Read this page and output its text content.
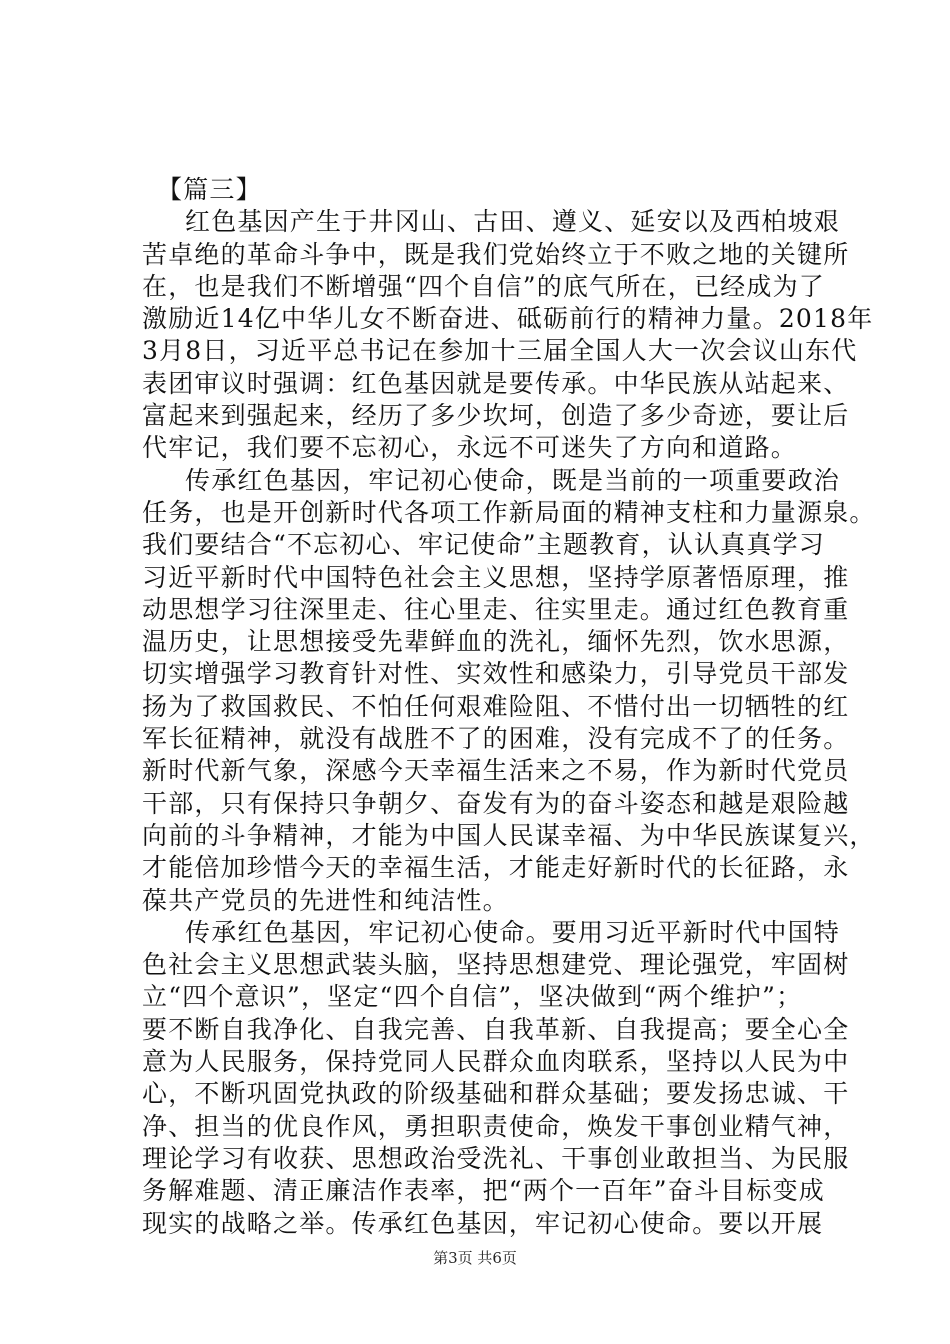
【篇三】
红色基因产生于井冈山、古田、遵义、延安以及西柏坡艰
苦卓绝的革命斗争中，既是我们党始终立于不败之地的关键所
在，也是我们不断增强“四个自信”的底气所在，已经成为了
激励近14亿中华儿女不断奋进、砥砺前行的精神力量。2018年
3月8日，习近平总书记在参加十三届全国人大一次会议山东代
表团审议时强调：红色基因就是要传承。中华民族从站起来、
富起来到强起来，经历了多少坎坷，创造了多少奇迹，要让后
代牢记，我们要不忘初心，永远不可迷失了方向和道路。
传承红色基因，牢记初心使命，既是当前的一项重要政治
任务，也是开创新时代各项工作新局面的精神支柱和力量源泉。
我们要结合“不忘初心、牢记使命”主题教育，认认真真学习
习近平新时代中国特色社会主义思想，坚持学原著悟原理，推
动思想学习往深里走、往心里走、往实里走。通过红色教育重
温历史，让思想接受先辈鲜血的洗礼，缅怀先烈，饮水思源，
切实增强学习教育针对性、实效性和感染力，引导党员干部发
扬为了救国救民、不怕任何艰难险阻、不惜付出一切牺牲的红
军长征精神，就没有战胜不了的困难，没有完成不了的任务。
新时代新气象，深感今天幸福生活来之不易，作为新时代党员
干部，只有保持只争朝夕、奋发有为的奋斗姿态和越是艰险越
向前的斗争精神，才能为中国人民谋幸福、为中华民族谋复兴，
才能倍加珍惜今天的幸福生活，才能走好新时代的长征路，永
葆共产党员的先进性和纯洁性。
传承红色基因，牢记初心使命。要用习近平新时代中国特
色社会主义思想武装头脑，坚持思想建党、理论强党，牢固树
立“四个意识”，坚定“四个自信”，坚决做到“两个维护”；
要不断自我净化、自我完善、自我革新、自我提高；要全心全
意为人民服务，保持党同人民群众血肉联系，坚持以人民为中
心，不断巩固党执政的阶级基础和群众基础；要发扬忠诚、干
净、担当的优良作风，勇担职责使命，焕发干事创业精气神，
理论学习有收获、思想政治受洗礼、干事创业敢担当、为民服
务解难题、清正廉洁作表率，把“两个一百年”奋斗目标变成
现实的战略之举。传承红色基因，牢记初心使命。要以开展
第3页 共6页
